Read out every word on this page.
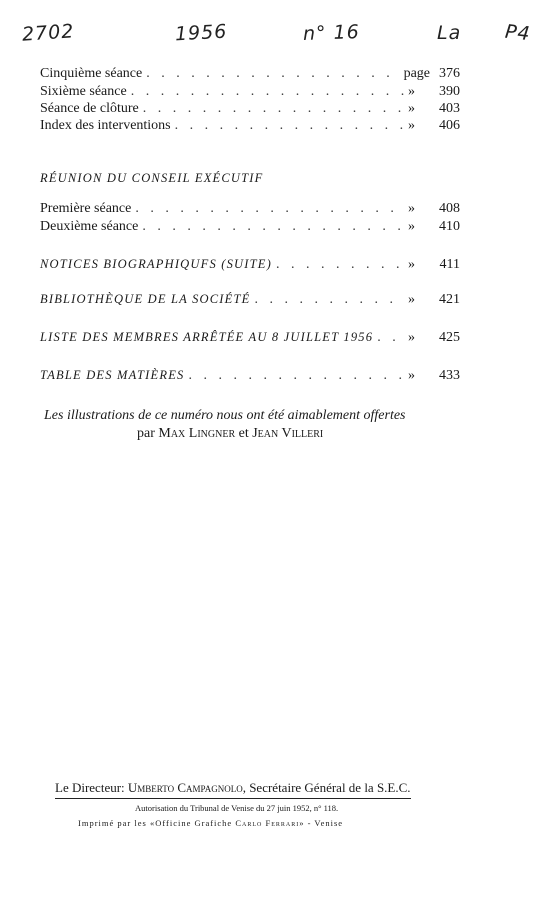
2702	1956	n° 16	La P4
Cinquième séance . . .	page 376
Sixième séance . . .	»	390
Séance de clôture . . .	»	403
Index des interventions . . .	»	406
RÉUNION DU CONSEIL EXÉCUTIF
Première séance . . .	»	408
Deuxième séance . . .	»	410
NOTICES BIOGRAPHIQUFS (SUITE) . . .	»	411
BIBLIOTHÈQUE DE LA SOCIÉTÉ . . .	»	421
LISTE DES MEMBRES ARRÊTÉE AU 8 JUILLET 1956 . . . »	425
TABLE DES MATIÈRES . . .	»	433
Les illustrations de ce numéro nous ont été aimablement offertes
par Max Lingner et Jean Villeri
Le Directeur: Umberto Campagnolo, Secrétaire Général de la S.E.C.
Autorisation du Tribunal de Venise du 27 juin 1952, n° 118.
Imprimé par les «Officine Grafiche Carlo Ferrari» - Venise
